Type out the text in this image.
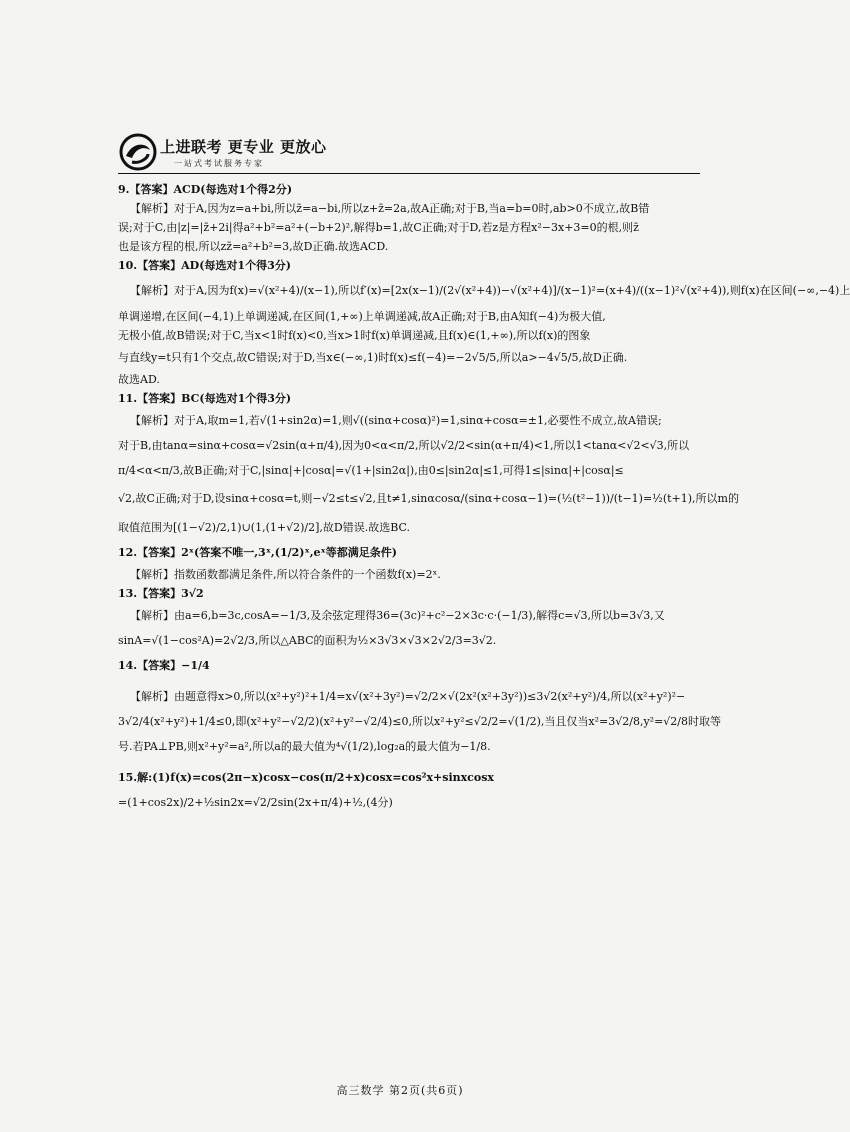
上进联考 更专业 更放心
一站式考试服务专家
9.【答案】ACD(每选对1个得2分)
【解析】对于A,因为z=a+bi,所以z̄=a−bi,所以z+z̄=2a,故A正确;对于B,当a=b=0时,ab>0不成立,故B错
误;对于C,由|z|=|z̄+2i|得a²+b²=a²+(−b+2)²,解得b=1,故C正确;对于D,若z是方程x²−3x+3=0的根,则z̄
也是该方程的根,所以zz̄=a²+b²=3,故D正确.故选ACD.
10.【答案】AD(每选对1个得3分)
【解析】对于A,因为f(x)=√(x²+4)/(x−1),所以f′(x)=[2x(x−1)/(2√(x²+4))−√(x²+4)]/(x−1)²=(x+4)/((x−1)²√(x²+4)),则f(x)在区间(−∞,−4)上
单调递增,在区间(−4,1)上单调递减,在区间(1,+∞)上单调递减,故A正确;对于B,由A知f(−4)为极大值,
无极小值,故B错误;对于C,当x<1时f(x)<0,当x>1时f(x)单调递减,且f(x)∈(1,+∞),所以f(x)的图象
与直线y=t只有1个交点,故C错误;对于D,当x∈(−∞,1)时f(x)≤f(−4)=−2√5/5,所以a>−4√5/5,故D正确.
故选AD.
11.【答案】BC(每选对1个得3分)
【解析】对于A,取m=1,若√(1+sin2α)=1,则√((sinα+cosα)²)=1,sinα+cosα=±1,必要性不成立,故A错误;
对于B,由tanα=sinα+cosα=√2sin(α+π/4),因为0<α<π/2,所以√2/2<sin(α+π/4)<1,所以1<tanα<√2<√3,所以
π/4<α<π/3,故B正确;对于C,|sinα|+|cosα|=√(1+|sin2α|),由0≤|sin2α|≤1,可得1≤|sinα|+|cosα|≤
√2,故C正确;对于D,设sinα+cosα=t,则−√2≤t≤√2,且t≠1,sinαcosα/(sinα+cosα−1)=(½(t²−1))/(t−1)=½(t+1),所以m的
取值范围为[(1−√2)/2,1)∪(1,(1+√2)/2],故D错误.故选BC.
12.【答案】2ˣ(答案不唯一,3ˣ,(1/2)ˣ,eˣ等都满足条件)
【解析】指数函数都满足条件,所以符合条件的一个函数f(x)=2ˣ.
13.【答案】3√2
【解析】由a=6,b=3c,cosA=−1/3,及余弦定理得36=(3c)²+c²−2×3c·c·(−1/3),解得c=√3,所以b=3√3,又
sinA=√(1−cos²A)=2√2/3,所以△ABC的面积为½×3√3×√3×2√2/3=3√2.
14.【答案】−1/4
【解析】由题意得x>0,所以(x²+y²)²+1/4=x√(x²+3y²)=√2/2×√(2x²(x²+3y²))≤3√2(x²+y²)/4,所以(x²+y²)²−
3√2/4(x²+y²)+1/4≤0,即(x²+y²−√2/2)(x²+y²−√2/4)≤0,所以x²+y²≤√2/2=√(1/2),当且仅当x²=3√2/8,y²=√2/8时取等
号.若PA⊥PB,则x²+y²=a²,所以a的最大值为⁴√(1/2),log₂a的最大值为−1/8.
15.解:(1)f(x)=cos(2π−x)cosx−cos(π/2+x)cosx=cos²x+sinxcosx
=(1+cos2x)/2+½sin2x=√2/2sin(2x+π/4)+½,(4分)
高三数学 第2页(共6页)
